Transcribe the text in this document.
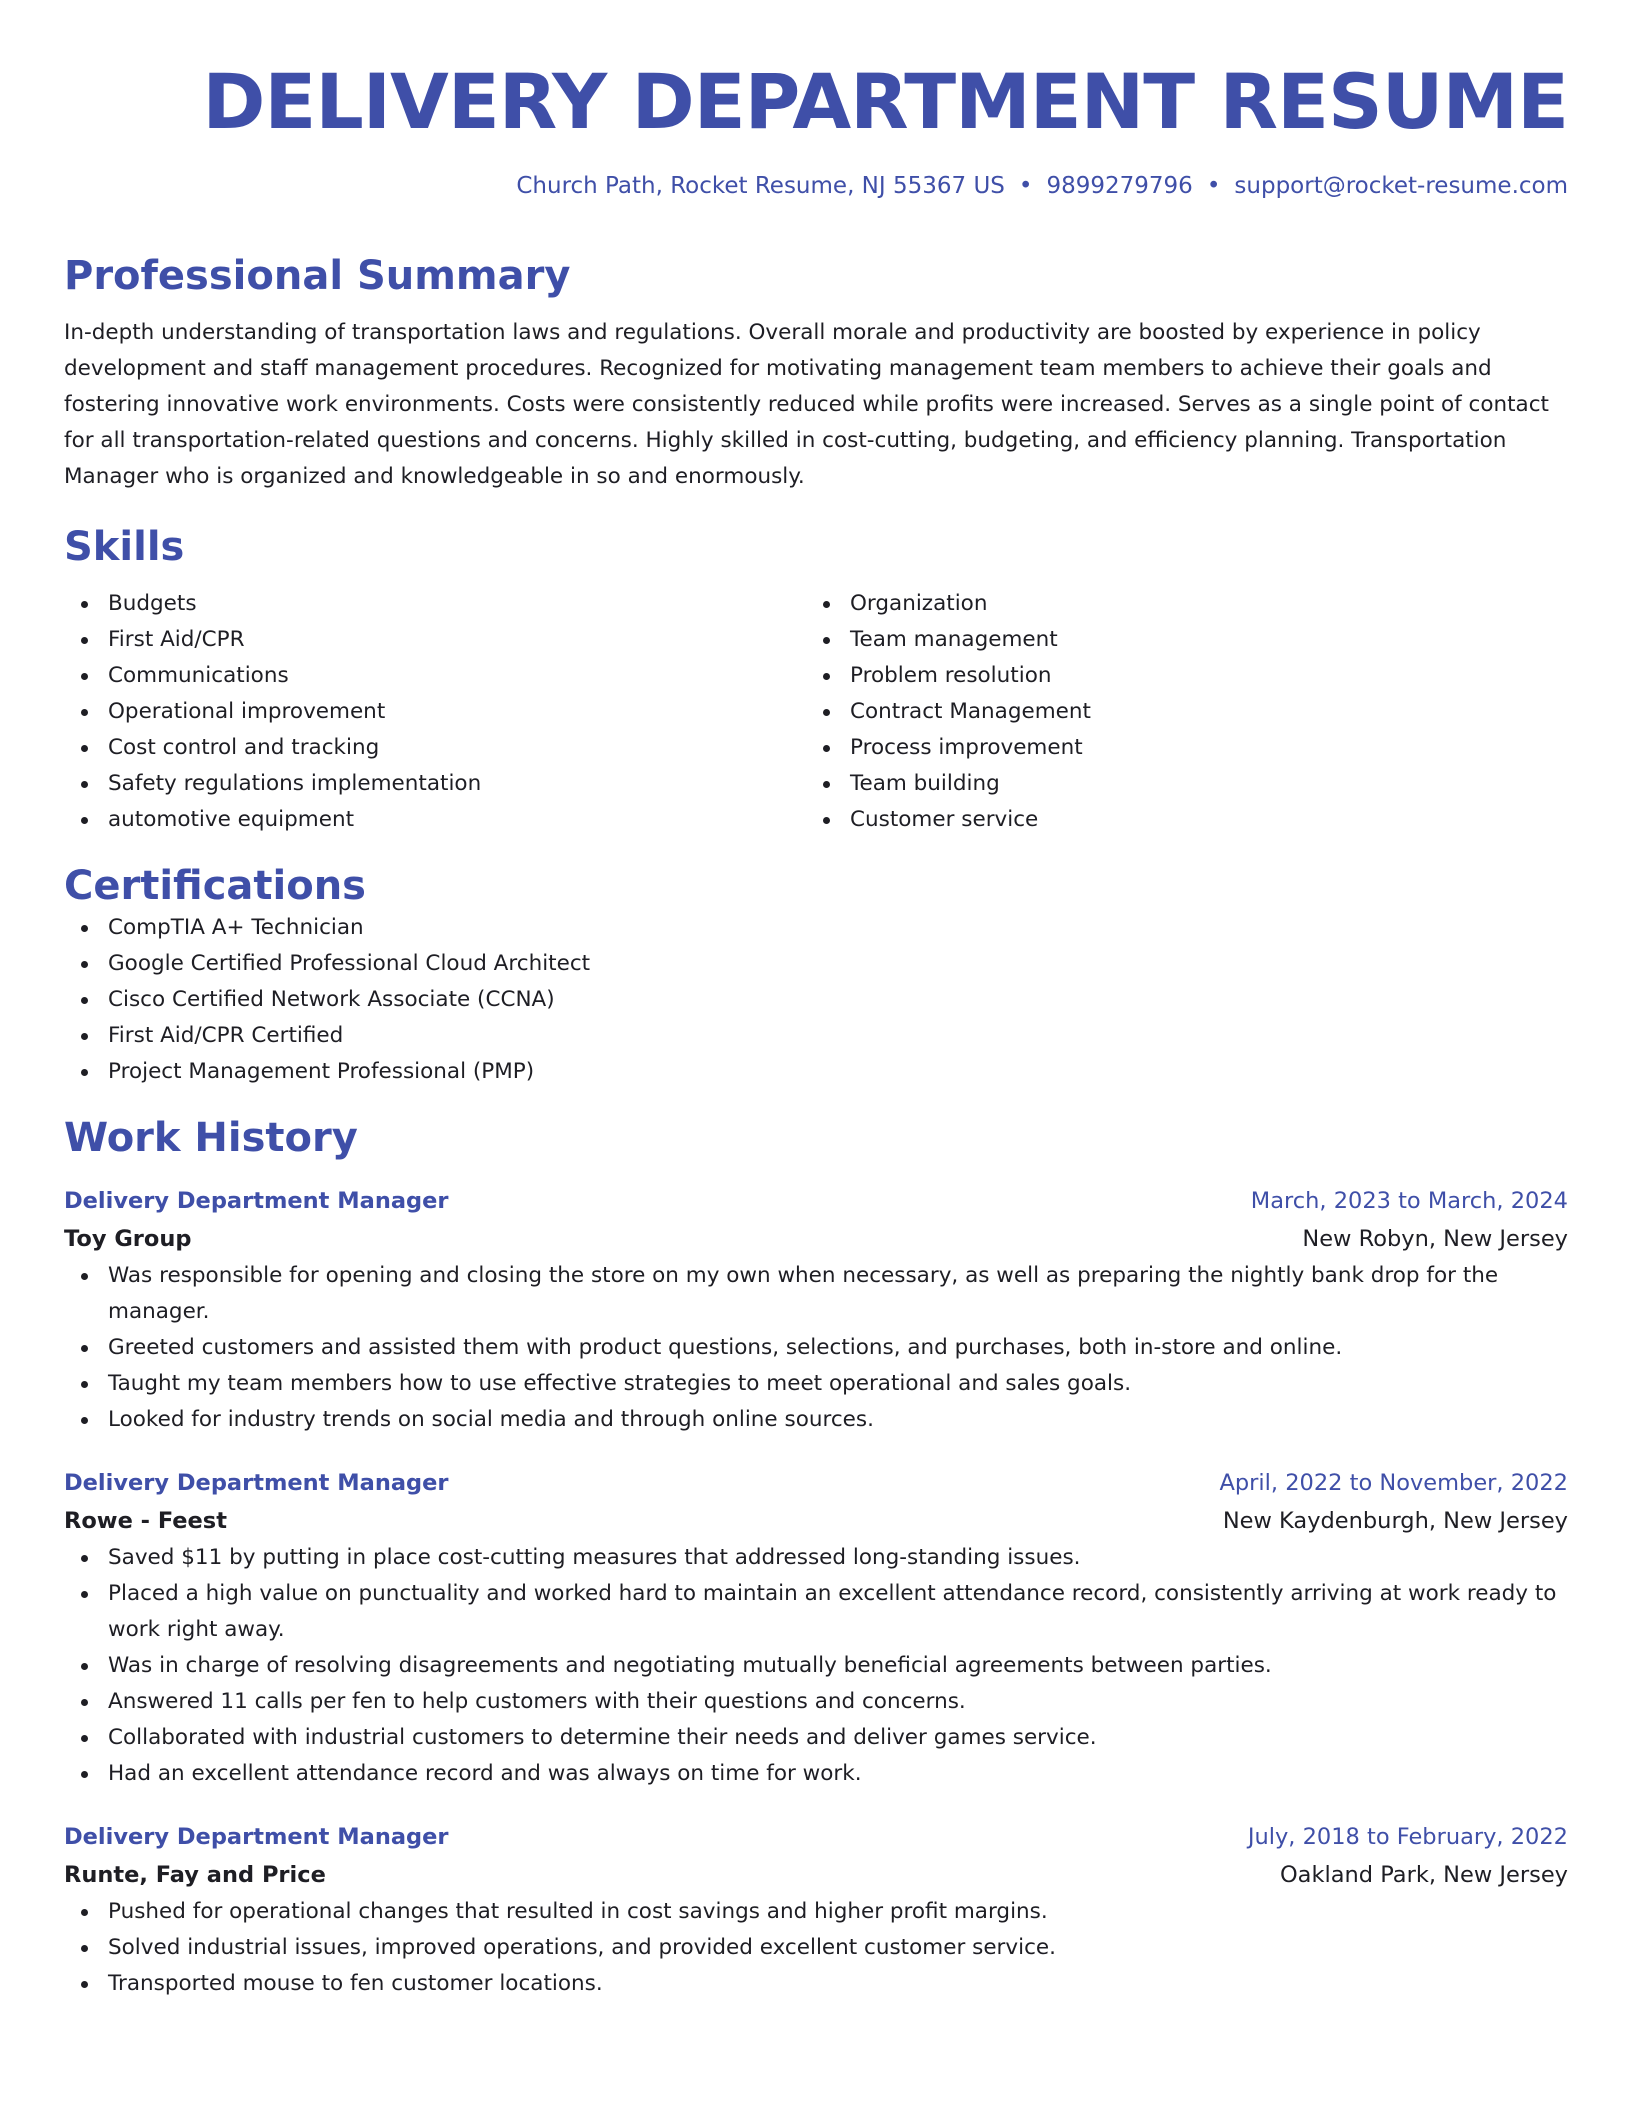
DELIVERY DEPARTMENT RESUME
Church Path, Rocket Resume, NJ 55367 US • 9899279796 • support@rocket-resume.com
Professional Summary

In-depth understanding of transportation laws and regulations. Overall morale and productivity are boosted by experience in policy development and staff management procedures. Recognized for motivating management team members to achieve their goals and fostering innovative work environments. Costs were consistently reduced while profits were increased. Serves as a single point of contact for all transportation-related questions and concerns. Highly skilled in cost-cutting, budgeting, and efficiency planning. Transportation Manager who is organized and knowledgeable in so and enormously.

Skills
Budgets
First Aid/CPR
Communications
Operational improvement
Cost control and tracking
Safety regulations implementation
automotive equipment
Organization
Team management
Problem resolution
Contract Management
Process improvement
Team building
Customer service
Certifications
CompTIA A+ Technician
Google Certified Professional Cloud Architect
Cisco Certified Network Associate (CCNA)
First Aid/CPR Certified
Project Management Professional (PMP)
Work History
Delivery Department Manager	March, 2023 to March, 2024
Toy Group	New Robyn, New Jersey
Was responsible for opening and closing the store on my own when necessary, as well as preparing the nightly bank drop for the manager.
Greeted customers and assisted them with product questions, selections, and purchases, both in-store and online.
Taught my team members how to use effective strategies to meet operational and sales goals.
Looked for industry trends on social media and through online sources.
Delivery Department Manager	April, 2022 to November, 2022
Rowe - Feest	New Kaydenburgh, New Jersey
Saved $11 by putting in place cost-cutting measures that addressed long-standing issues.
Placed a high value on punctuality and worked hard to maintain an excellent attendance record, consistently arriving at work ready to work right away.
Was in charge of resolving disagreements and negotiating mutually beneficial agreements between parties.
Answered 11 calls per fen to help customers with their questions and concerns.
Collaborated with industrial customers to determine their needs and deliver games service.
Had an excellent attendance record and was always on time for work.
Delivery Department Manager	July, 2018 to February, 2022
Runte, Fay and Price	Oakland Park, New Jersey
Pushed for operational changes that resulted in cost savings and higher profit margins.
Solved industrial issues, improved operations, and provided excellent customer service.
Transported mouse to fen customer locations.
